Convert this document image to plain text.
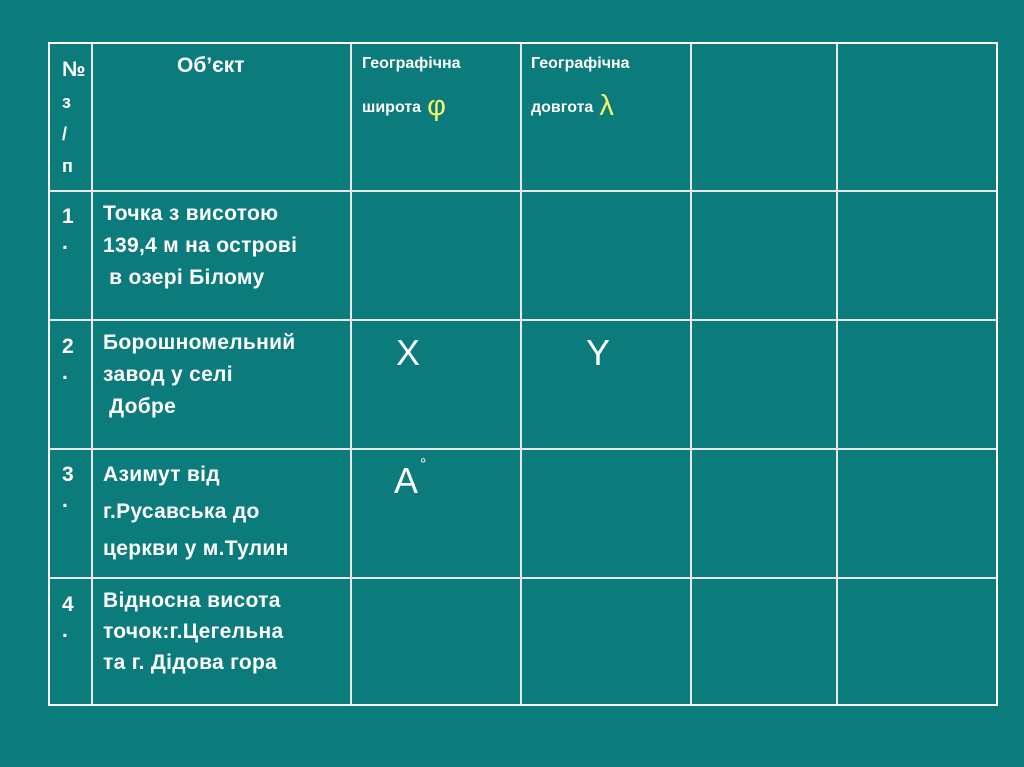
№
з
/
п
Об’єкт	Географічна
широта φ
Географічна
довгота λ
1
.
Точка з висотою
139,4 м на острові
в озері Білому
2
.
Борошномельний
завод у селі
Добре
X	Y
3
.
Азимут від
г.Русавська до
церкви у м.Тулин
A °
4
.
Відносна висота
точок:г.Цегельна
та г. Дідова гора
